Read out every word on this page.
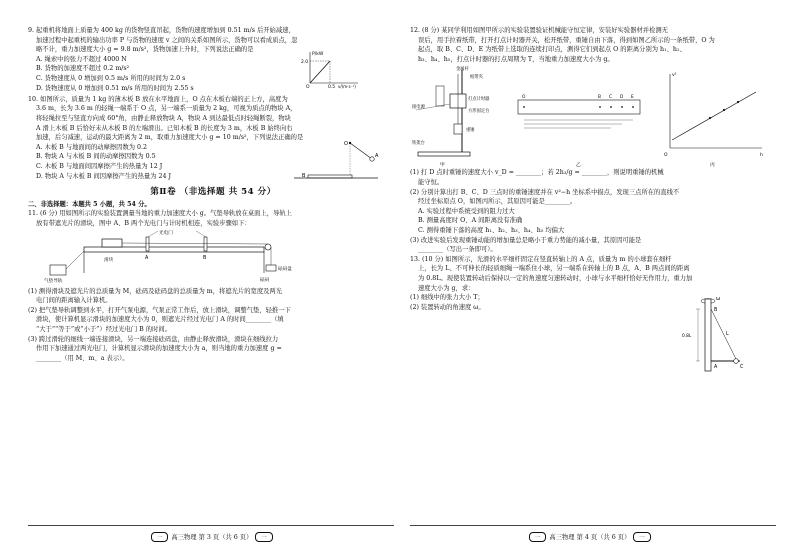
9. 起重机将地面上质量为 400 kg 的货物竖直吊起，货物的速度增加到 0.51 m/s 后开始减速，

加速过程中起重机的输出功率 P 与货物的速度 v 之间的关系如图所示，货物可以看成质点，忽

略不计，重力加速度大小 g = 9.8 m/s²，货物加速上升时，下列说法正确的是

A. 绳索中的张力不超过 4000 N

B. 货物的加速度不超过 0.2 m/s²

C. 货物速度从 0 增加到 0.5 m/s 所用的时间为 2.0 s

D. 货物速度从 0 增加到 0.51 m/s 所用的时间为 2.55 s

P/kW
2.0
O	0.5 v/(m·s⁻¹)

10. 如图所示，质量为 1 kg 的薄木板 B 放在水平地面上，O 点在木板右端的正上方，高度为

3.6 m，长为 3.6 m 的轻绳一端系于 O 点，另一端系一质量为 2 kg，可视为质点的物块 A，

将轻绳拉至与竖直方向成 60°角，由静止释放物块 A，物块 A 到达最低点时轻绳断裂，物块

A 滑上木板 B 后恰好未从木板 B 的左端滑出。已知木板 B 的长度为 3 m，木板 B 始终向右

加速，后匀减速，运动的最大距离为 2 m，取重力加速度大小 g = 10 m/s²，下列说法正确的是

A. 木板 B 与地面间的动摩擦因数为 0.2

B. 物块 A 与木板 B 间的动摩擦因数为 0.5

C. 木板 B 与地面间因摩擦产生的热量为 12 J

D. 物块 A 与木板 B 间因摩擦产生的热量为 24 J

O
A
B
第Ⅱ卷 （非选择题 共 54 分）

二、非选择题：本题共 5 小题，共 54 分。

11. (6 分) 用如图所示的实验装置测量当地的重力加速度大小 g。气垫导轨放在桌面上，导轨上

放有带遮光片的滑块，图中 A、B 两个光电门与计时机相连，实验步骤如下：

光电门
A	B
气垫导轨
滑块
砝码盘
砝码

(1) 测得滑块及遮光片的总质量为 M，砝码及砝码盘的总质量为 m，将遮光片的宽度及两光

电门间的距离输入计算机。

(2) 把气垫导轨调整到水平，打开气泵电源，气泵正常工作后，放上滑块，调整气垫，轻推一下

滑块，使计算机显示滑块的加速度大小为 0，则遮光片经过光电门 A 的时间________（填

“大于”“等于”或“小于”）经过光电门 B 的时间。

(3) 跨过滑轮的细线一端连接滑块，另一端连接砝码盘，由静止释放滑块，滑块在细线拉力

作用下加速通过两光电门，计算机显示滑块的加速度大小为 a，则当地的重力加速度 g =

________（用 M、m、a 表示）。

一 高三物理 第 3 页（共 6 页） 一

12. (8 分) 某同学利用如图甲所示的实验装置验证机械能守恒定律，安装好实验器材并检测无

误后，用手拉着纸带，打开打点计时器开关，松开纸带，重锤自由下落，得到如图乙所示的一条纸带，O 为

起点，取 B、C、D、E 为纸带上选取的连续打印点，测得它们到起点 O 的距离分别为 h₁、h₂、

h₃、h₄、h₅，打点计时器的打点周期为 T，当地重力加速度大小为 g。

金属杆
纸带夹
打点计时器
方形固定台
接电源
重锤
铁架台
甲
O	B C D E
乙
v²
h
O
丙

(1) 打 D 点时重锤的速度大小 v_D = ________；若 2h₃/g = ________，则说明重锤的机械

能守恒。

(2) 分别计算出打 B、C、D 三点时的重锤速度并在 v²−h 坐标系中描点，发现三点所在的直线不

经过坐标原点 O，如图丙所示，其原因可能是________。

A. 实验过程中系统受到的阻力过大

B. 测量高度时 O、A 间距离没有准确

C. 测得重锤下落的高度 h₁、h₂、h₃、h₄、h₅ 均偏大

(3) 改进实验后发现重锤动能的增加量总是略小于重力势能的减小量，其原因可能是

________（写出一条即可）。

13. (10 分) 如图所示，光滑的水平细杆固定在竖直转轴上的 A 点，质量为 m 的小球套在细杆

上，长为 L、不可伸长的轻质细绳一端系住小球，另一端系在转轴上的 B 点，A、B 两点间的距离

为 0.8L。现使装置转动后保持以一定的角速度匀速转动时，小球与水平细杆恰好无作用力，重力加

速度大小为 g，求：

(1) 细线中的张力大小 T；

(2) 装置转动的角速度 ω。

ω
B
A	C
0.8L	L
一 高三物理 第 4 页（共 6 页） 一
